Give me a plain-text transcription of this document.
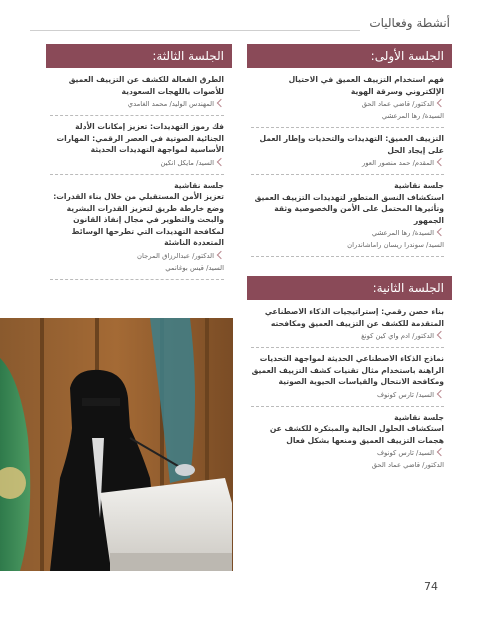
أنشطة وفعاليات
الجلسة الأولى:
فهم استخدام التزييف العميق في الاحتيال الإلكتروني وسرقة الهوية
الدكتور/ قاضي عماد الحق
السيدة/ رها المرعشي
التزييف العميق: التهديدات والتحديات وإطار العمل على إيجاد الحل
المقدم/ حمد منصور العور
جلسة نقاشية
استكشاف النسق المتطور لتهديدات التزييف العميق وتأثيرها المحتمل على الأمن والخصوصية وثقة الجمهور
السيدة/ رها المرعشي
السيد/ سوندرا ريسان راماشاندران
الجلسة الثانية:
بناء حصن رقمي: إستراتيجيات الذكاء الاصطناعي المتقدمة للكشف عن التزييف العميق ومكافحته
الدكتور/ ادم واي كين كونغ
نماذج الذكاء الاصطناعي الحديثة لمواجهة التحديات الراهنة باستخدام مثال تقنيات كشف التزييف العميق ومكافحة الانتحال والقياسات الحيوية الصوتية
السيد/ ثارس كونوف
جلسة نقاشية
استكشاف الحلول الحالية والمبتكرة للكشف عن هجمات التزييف العميق ومنعها بشكل فعال
السيد/ ثارس كونوف
الدكتور/ قاضي عماد الحق
الجلسة الثالثة:
الطرق الفعالة للكشف عن التزييف العميق للأصوات باللهجات السعودية
المهندس الوليد/ محمد الغامدي
فك رموز التهديدات: تعزيز إمكانات الأدلة الجنائية الصوتية في العصر الرقمي: المهارات الأساسية لمواجهة التهديدات الحديثة
السيد/ مايكل انكين
جلسة نقاشية
تعزيز الأمن المستقبلي من خلال بناء القدرات:
وضع خارطة طريق لتعزيز القدرات البشرية والبحث والتطوير في مجال إنفاذ القانون لمكافحة التهديدات التي تطرحها الوسائط المتعددة الناشئة
الدكتور/ عبدالرزاق المرجان
السيد/ قيس بوغانمي
74
